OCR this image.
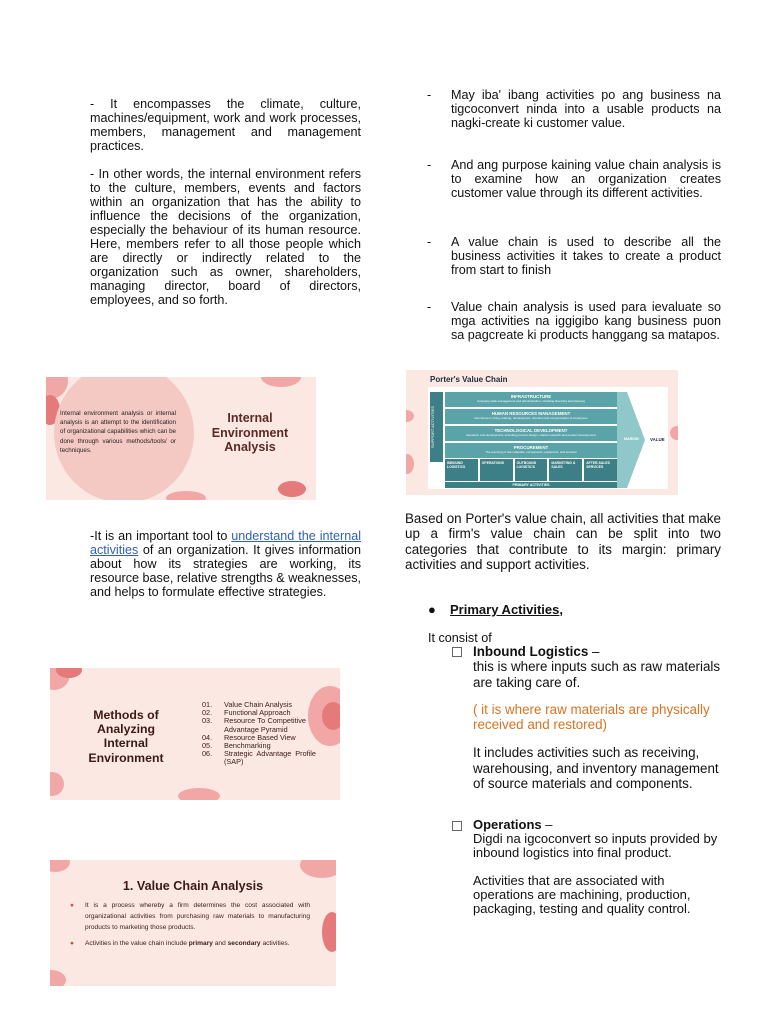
- It encompasses the climate, culture, machines/equipment, work and work processes, members, management and management practices.

- In other words, the internal environment refers to the culture, members, events and factors within an organization that has the ability to influence the decisions of the organization, especially the behaviour of its human resource. Here, members refer to all those people which are directly or indirectly related to the organization such as owner, shareholders, managing director, board of directors, employees, and so forth.

Internal environment analysis or internal analysis is an attempt to the identification of organizational capabilities which can be done through various methods/tools/ or techniques.
Internal
Environment
Analysis

-It is an important tool to understand the internal activities of an organization. It gives information about how its strategies are working, its resource base, relative strengths & weaknesses, and helps to formulate effective strategies.

Methods of
Analyzing
Internal
Environment
01. Value Chain Analysis
02. Functional Approach
03. Resource To Competitive Advantage Pyramid
04. Resource Based View
05. Benchmarking
06. Strategic Advantage Profile (SAP)
1. Value Chain Analysis
● It is a process whereby a firm determines the cost associated with organizational activities from purchasing raw materials to manufacturing products to marketing those products.
● Activities in the value chain include primary and secondary activities.
- May iba' ibang activities po ang business na tigcoconvert ninda into a usable products na nagki-create ki customer value.
- And ang purpose kaining value chain analysis is to examine how an organization creates customer value through its different activities.
- A value chain is used to describe all the business activities it takes to create a product from start to finish
- Value chain analysis is used para ievaluate so mga activities na iggigibo kang business puon sa pagcreate ki products hanggang sa matapos.
Porter's Value Chain
SUPPORT ACTIVITIES
INFRASTRUCTURE
Company-wide management and administration, including financing and planning
HUMAN RESOURCES MANAGEMENT
Recruitment, hiring, training, development, retention and compensation of employees
TECHNOLOGICAL DEVELOPMENT
Research and development, including process design, market research and product development
PROCUREMENT
The sourcing of raw materials, components, equipment, and services
INBOUND LOGISTICS
OPERATIONS	OUTBOUND LOGISTICS
MARKETING & SALES
AFTER-SALES SERVICES
PRIMARY ACTIVITIES
MARGIN	VALUE

Based on Porter's value chain, all activities that make up a firm's value chain can be split into two categories that contribute to its margin: primary activities and support activities.

● Primary Activities,
It consist of
Inbound Logistics –
this is where inputs such as raw materials are taking care of.
( it is where raw materials are physically received and restored)
It includes activities such as receiving, warehousing, and inventory management of source materials and components.
Operations –
Digdi na igcoconvert so inputs provided by inbound logistics into final product.
Activities that are associated with operations are machining, production, packaging, testing and quality control.
